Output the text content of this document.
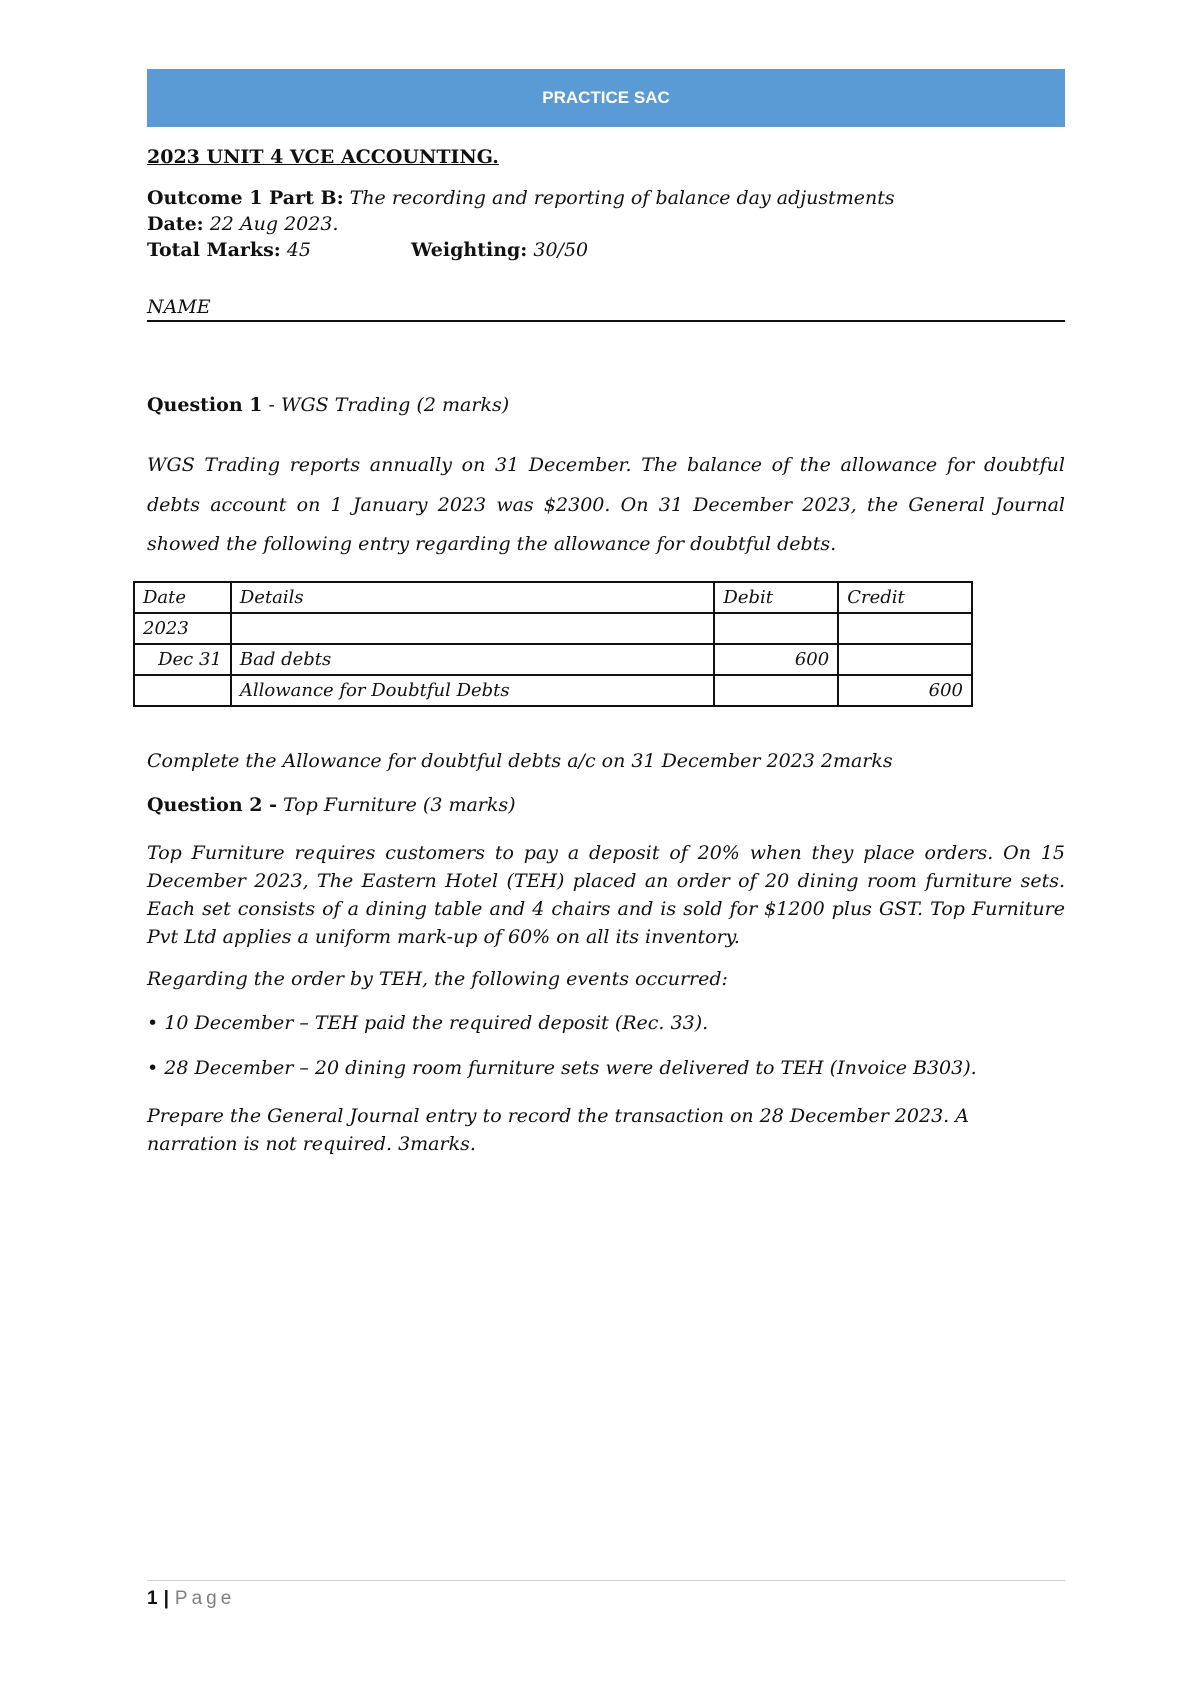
PRACTICE SAC
2023 UNIT 4 VCE ACCOUNTING.
Outcome 1 Part B: The recording and reporting of balance day adjustments
Date: 22 Aug 2023.
Total Marks: 45	Weighting: 30/50
NAME
Question 1 - WGS Trading (2 marks)
WGS Trading reports annually on 31 December. The balance of the allowance for doubtful debts account on 1 January 2023 was $2300. On 31 December 2023, the General Journal showed the following entry regarding the allowance for doubtful debts.
Date	Details	Debit	Credit
2023			
Dec 31	Bad debts	600	
	Allowance for Doubtful Debts		600
Complete the Allowance for doubtful debts a/c on 31 December 2023 2marks
Question 2 - Top Furniture (3 marks)
Top Furniture requires customers to pay a deposit of 20% when they place orders. On 15 December 2023, The Eastern Hotel (TEH) placed an order of 20 dining room furniture sets. Each set consists of a dining table and 4 chairs and is sold for $1200 plus GST. Top Furniture Pvt Ltd applies a uniform mark-up of 60% on all its inventory.
Regarding the order by TEH, the following events occurred:
• 10 December – TEH paid the required deposit (Rec. 33).
• 28 December – 20 dining room furniture sets were delivered to TEH (Invoice B303).
Prepare the General Journal entry to record the transaction on 28 December 2023. A narration is not required. 3marks.
1 | Page
